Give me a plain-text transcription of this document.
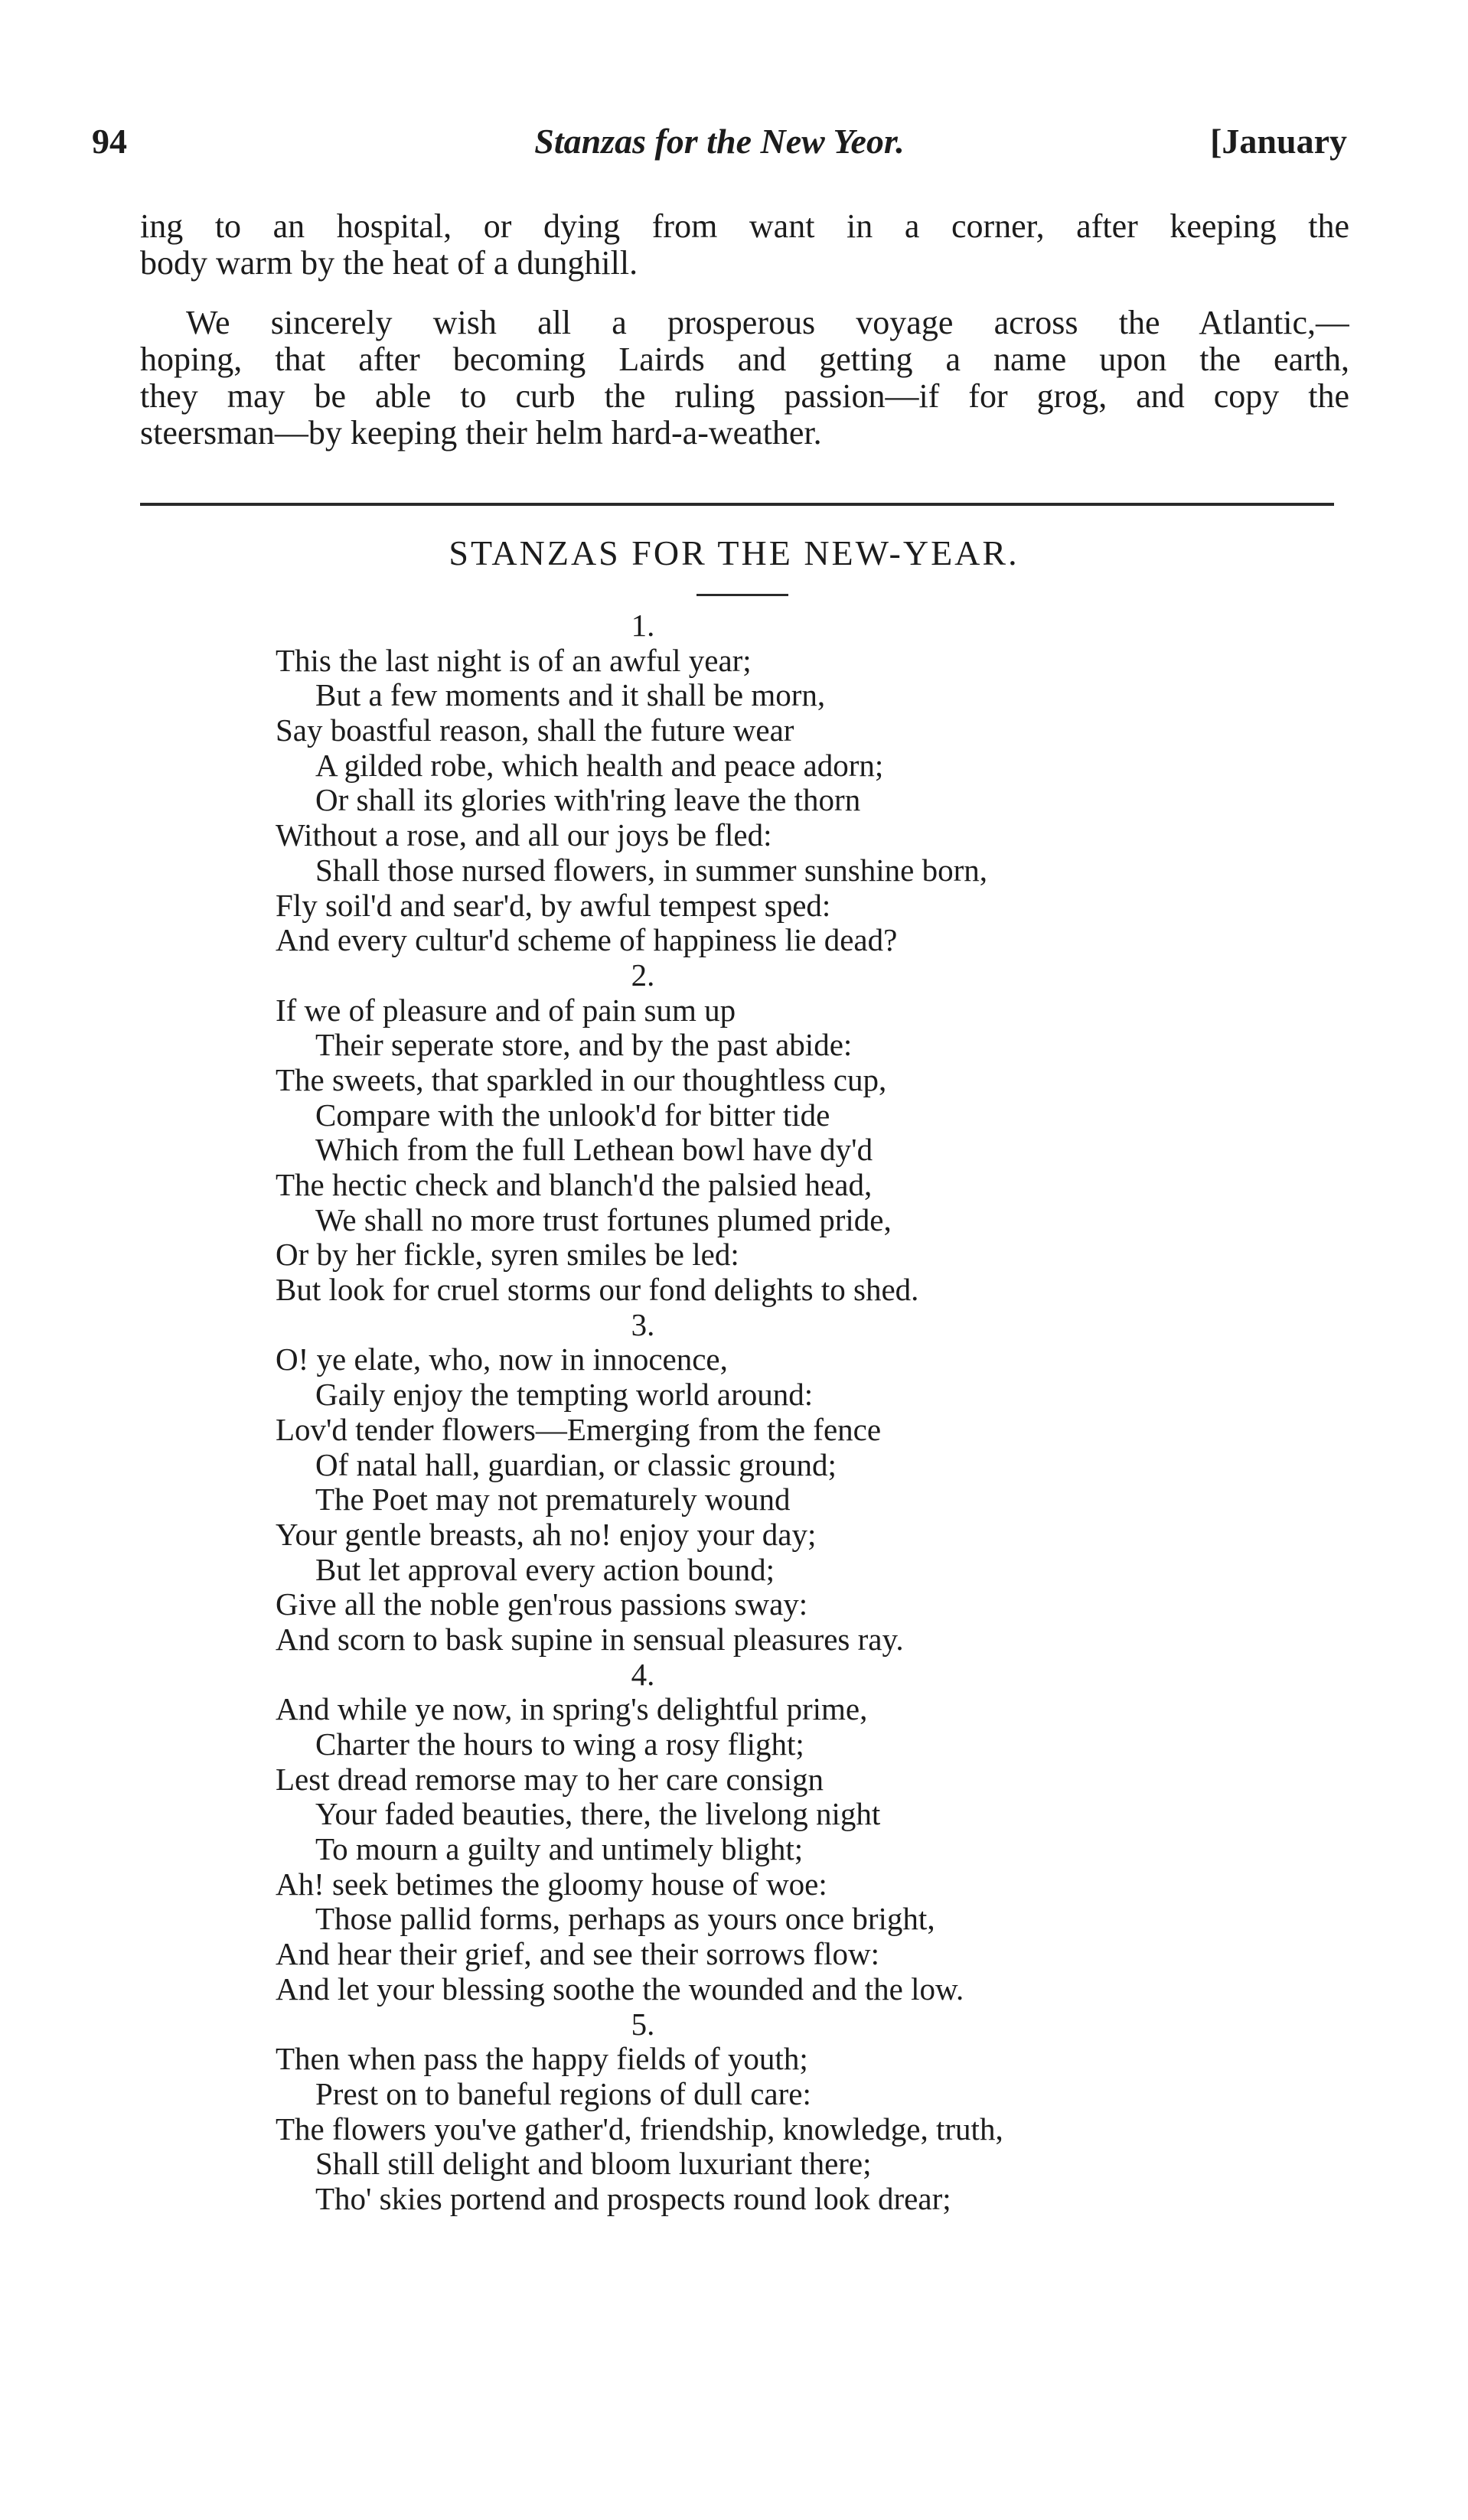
94	Stanzas for the New Yeor.	[January
ing to an hospital, or dying from want in a corner, after keeping the
body warm by the heat of a dunghill.
We sincerely wish all a prosperous voyage across the Atlantic,—
hoping, that after becoming Lairds and getting a name upon the earth,
they may be able to curb the ruling passion—if for grog, and copy the
steersman—by keeping their helm hard-a-weather.
STANZAS FOR THE NEW-YEAR.
1.
This the last night is of an awful year;
But a few moments and it shall be morn,
Say boastful reason, shall the future wear
A gilded robe, which health and peace adorn;
Or shall its glories with'ring leave the thorn
Without a rose, and all our joys be fled:
Shall those nursed flowers, in summer sunshine born,
Fly soil'd and sear'd, by awful tempest sped:
And every cultur'd scheme of happiness lie dead?
2.
If we of pleasure and of pain sum up
Their seperate store, and by the past abide:
The sweets, that sparkled in our thoughtless cup,
Compare with the unlook'd for bitter tide
Which from the full Lethean bowl have dy'd
The hectic check and blanch'd the palsied head,
We shall no more trust fortunes plumed pride,
Or by her fickle, syren smiles be led:
But look for cruel storms our fond delights to shed.
3.
O! ye elate, who, now in innocence,
Gaily enjoy the tempting world around:
Lov'd tender flowers—Emerging from the fence
Of natal hall, guardian, or classic ground;
The Poet may not prematurely wound
Your gentle breasts, ah no! enjoy your day;
But let approval every action bound;
Give all the noble gen'rous passions sway:
And scorn to bask supine in sensual pleasures ray.
4.
And while ye now, in spring's delightful prime,
Charter the hours to wing a rosy flight;
Lest dread remorse may to her care consign
Your faded beauties, there, the livelong night
To mourn a guilty and untimely blight;
Ah! seek betimes the gloomy house of woe:
Those pallid forms, perhaps as yours once bright,
And hear their grief, and see their sorrows flow:
And let your blessing soothe the wounded and the low.
5.
Then when pass the happy fields of youth;
Prest on to baneful regions of dull care:
The flowers you've gather'd, friendship, knowledge, truth,
Shall still delight and bloom luxuriant there;
Tho' skies portend and prospects round look drear;
